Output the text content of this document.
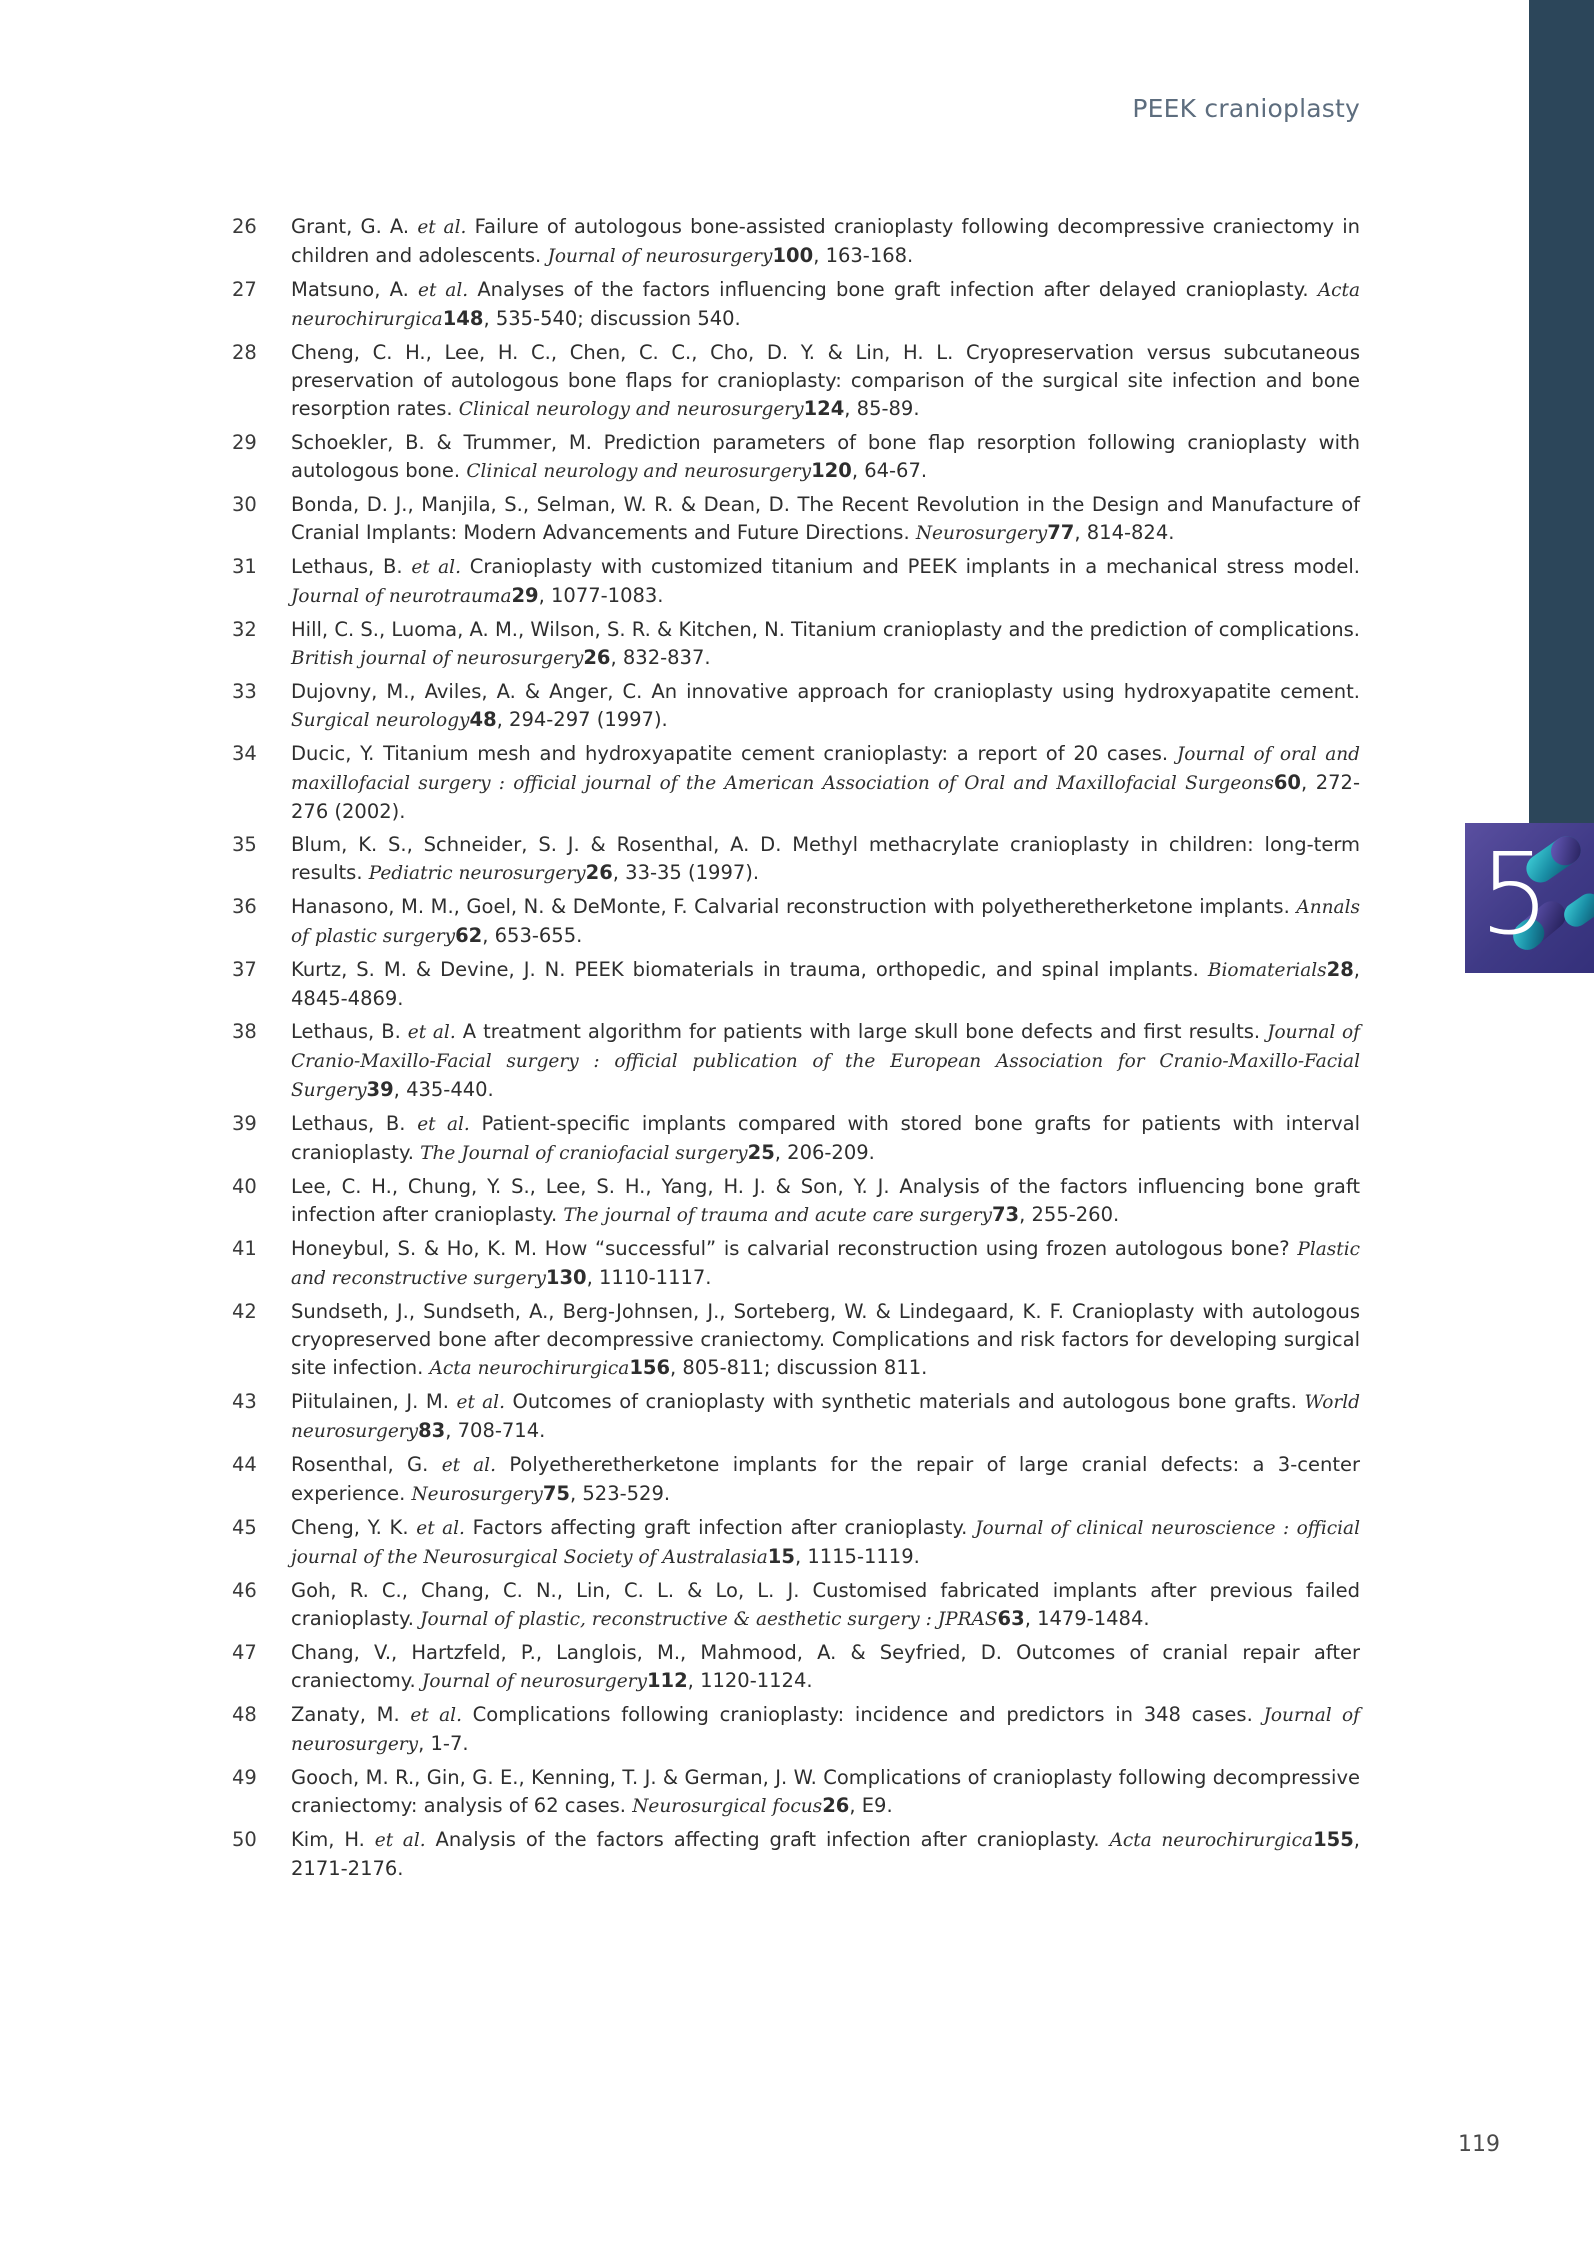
5
PEEK cranioplasty
26	Grant, G. A. et al. Failure of autologous bone-assisted cranioplasty following decompressive craniectomy in children and adolescents. Journal of neurosurgery100, 163-168.
27	Matsuno, A. et al. Analyses of the factors influencing bone graft infection after delayed cranioplasty. Acta neurochirurgica148, 535-540; discussion 540.
28	Cheng, C. H., Lee, H. C., Chen, C. C., Cho, D. Y. & Lin, H. L. Cryopreservation versus subcutaneous preservation of autologous bone flaps for cranioplasty: comparison of the surgical site infection and bone resorption rates. Clinical neurology and neurosurgery124, 85-89.
29	Schoekler, B. & Trummer, M. Prediction parameters of bone flap resorption following cranioplasty with autologous bone. Clinical neurology and neurosurgery120, 64-67.
30	Bonda, D. J., Manjila, S., Selman, W. R. & Dean, D. The Recent Revolution in the Design and Manufacture of Cranial Implants: Modern Advancements and Future Directions. Neurosurgery77, 814-824.
31	Lethaus, B. et al. Cranioplasty with customized titanium and PEEK implants in a mechanical stress model. Journal of neurotrauma29, 1077-1083.
32	Hill, C. S., Luoma, A. M., Wilson, S. R. & Kitchen, N. Titanium cranioplasty and the prediction of complications. British journal of neurosurgery26, 832-837.
33	Dujovny, M., Aviles, A. & Anger, C. An innovative approach for cranioplasty using hydroxyapatite cement. Surgical neurology48, 294-297 (1997).
34	Ducic, Y. Titanium mesh and hydroxyapatite cement cranioplasty: a report of 20 cases. Journal of oral and maxillofacial surgery : official journal of the American Association of Oral and Maxillofacial Surgeons60, 272-276 (2002).
35	Blum, K. S., Schneider, S. J. & Rosenthal, A. D. Methyl methacrylate cranioplasty in children: long-term results. Pediatric neurosurgery26, 33-35 (1997).
36	Hanasono, M. M., Goel, N. & DeMonte, F. Calvarial reconstruction with polyetheretherketone implants. Annals of plastic surgery62, 653-655.
37	Kurtz, S. M. & Devine, J. N. PEEK biomaterials in trauma, orthopedic, and spinal implants. Biomaterials28, 4845-4869.
38	Lethaus, B. et al. A treatment algorithm for patients with large skull bone defects and first results. Journal of Cranio-Maxillo-Facial surgery : official publication of the European Association for Cranio-Maxillo-Facial Surgery39, 435-440.
39	Lethaus, B. et al. Patient-specific implants compared with stored bone grafts for patients with interval cranioplasty. The Journal of craniofacial surgery25, 206-209.
40	Lee, C. H., Chung, Y. S., Lee, S. H., Yang, H. J. & Son, Y. J. Analysis of the factors influencing bone graft infection after cranioplasty. The journal of trauma and acute care surgery73, 255-260.
41	Honeybul, S. & Ho, K. M. How “successful” is calvarial reconstruction using frozen autologous bone? Plastic and reconstructive surgery130, 1110-1117.
42	Sundseth, J., Sundseth, A., Berg-Johnsen, J., Sorteberg, W. & Lindegaard, K. F. Cranioplasty with autologous cryopreserved bone after decompressive craniectomy. Complications and risk factors for developing surgical site infection. Acta neurochirurgica156, 805-811; discussion 811.
43	Piitulainen, J. M. et al. Outcomes of cranioplasty with synthetic materials and autologous bone grafts. World neurosurgery83, 708-714.
44	Rosenthal, G. et al. Polyetheretherketone implants for the repair of large cranial defects: a 3-center experience. Neurosurgery75, 523-529.
45	Cheng, Y. K. et al. Factors affecting graft infection after cranioplasty. Journal of clinical neuroscience : official journal of the Neurosurgical Society of Australasia15, 1115-1119.
46	Goh, R. C., Chang, C. N., Lin, C. L. & Lo, L. J. Customised fabricated implants after previous failed cranioplasty. Journal of plastic, reconstructive & aesthetic surgery : JPRAS63, 1479-1484.
47	Chang, V., Hartzfeld, P., Langlois, M., Mahmood, A. & Seyfried, D. Outcomes of cranial repair after craniectomy. Journal of neurosurgery112, 1120-1124.
48	Zanaty, M. et al. Complications following cranioplasty: incidence and predictors in 348 cases. Journal of neurosurgery, 1-7.
49	Gooch, M. R., Gin, G. E., Kenning, T. J. & German, J. W. Complications of cranioplasty following decompressive craniectomy: analysis of 62 cases. Neurosurgical focus26, E9.
50	Kim, H. et al. Analysis of the factors affecting graft infection after cranioplasty. Acta neurochirurgica155, 2171-2176.
119
